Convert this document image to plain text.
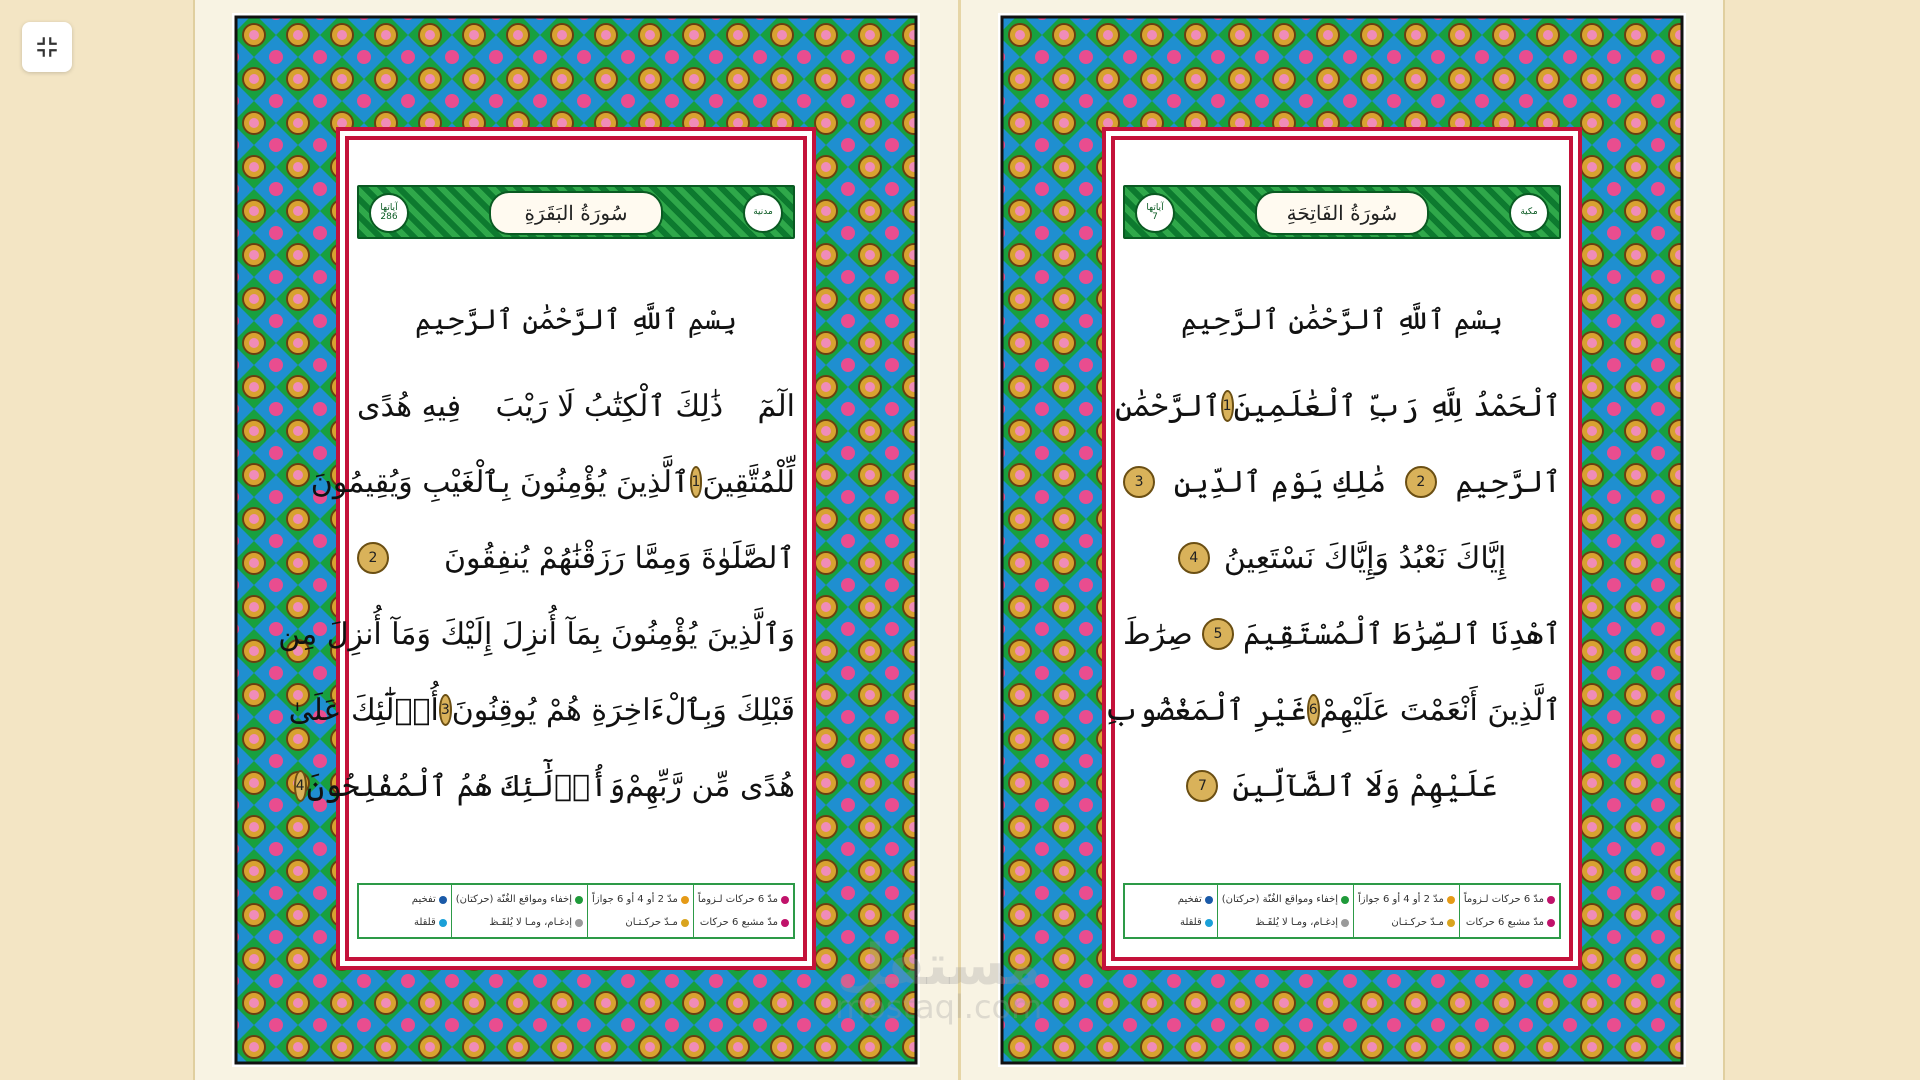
مدنية
سُورَةُ البَقَرَةِ
آياتها
286
بِسْمِ ٱللَّهِ ٱلرَّحْمَٰنِ ٱلرَّحِيمِ
الٓمٓ
ذَٰلِكَ ٱلْكِتَٰبُ لَا رَيْبَ
فِيهِ هُدًى
لِّلْمُتَّقِينَ
1
ٱلَّذِينَ يُؤْمِنُونَ بِٱلْغَيْبِ وَيُقِيمُونَ
ٱلصَّلَوٰةَ وَمِمَّا رَزَقْنَٰهُمْ يُنفِقُونَ
2
وَٱلَّذِينَ يُؤْمِنُونَ بِمَآ أُنزِلَ إِلَيْكَ وَمَآ أُنزِلَ مِن
قَبْلِكَ وَبِٱلْءَاخِرَةِ هُمْ يُوقِنُونَ
3
أُو۟لَٰٓئِكَ عَلَىٰ
هُدًى مِّن رَّبِّهِمْ
وَأُو۟لَٰٓئِكَ هُمُ ٱلْمُفْلِحُونَ
4
مدّ 6 حركات لـزوماً
مدّ مشبع 6 حركات
مدّ 2 أو 4 أو 6 جوازاً
مـدّ حركـتـان
إخفاء ومواقع الغُنّة (حركتان)
إدغـام، ومـا لا يُلفَـظ
تفخيم
قلقلة
مكية
سُورَةُ الفَاتِحَةِ
آياتها
7
بِسْمِ ٱللَّهِ ٱلرَّحْمَٰنِ ٱلرَّحِيمِ
ٱلْحَمْدُ لِلَّهِ رَبِّ ٱلْعَٰلَمِينَ
1
ٱلرَّحْمَٰنِ
ٱلرَّحِيمِ
2
مَٰلِكِ يَوْمِ ٱلدِّينِ
3
إِيَّاكَ نَعْبُدُ وَإِيَّاكَ نَسْتَعِينُ
4
ٱهْدِنَا ٱلصِّرَٰطَ ٱلْمُسْتَقِيمَ
5
صِرَٰطَ
ٱلَّذِينَ أَنْعَمْتَ عَلَيْهِمْ
6
غَيْرِ ٱلْمَغْضُوبِ
عَلَيْهِمْ وَلَا ٱلضَّآلِّينَ
7
مدّ 6 حركات لـزوماً
مدّ مشبع 6 حركات
مدّ 2 أو 4 أو 6 جوازاً
مـدّ حركـتـان
إخفاء ومواقع الغُنّة (حركتان)
إدغـام، ومـا لا يُلفَـظ
تفخيم
قلقلة
مستقل
mostaql.com
